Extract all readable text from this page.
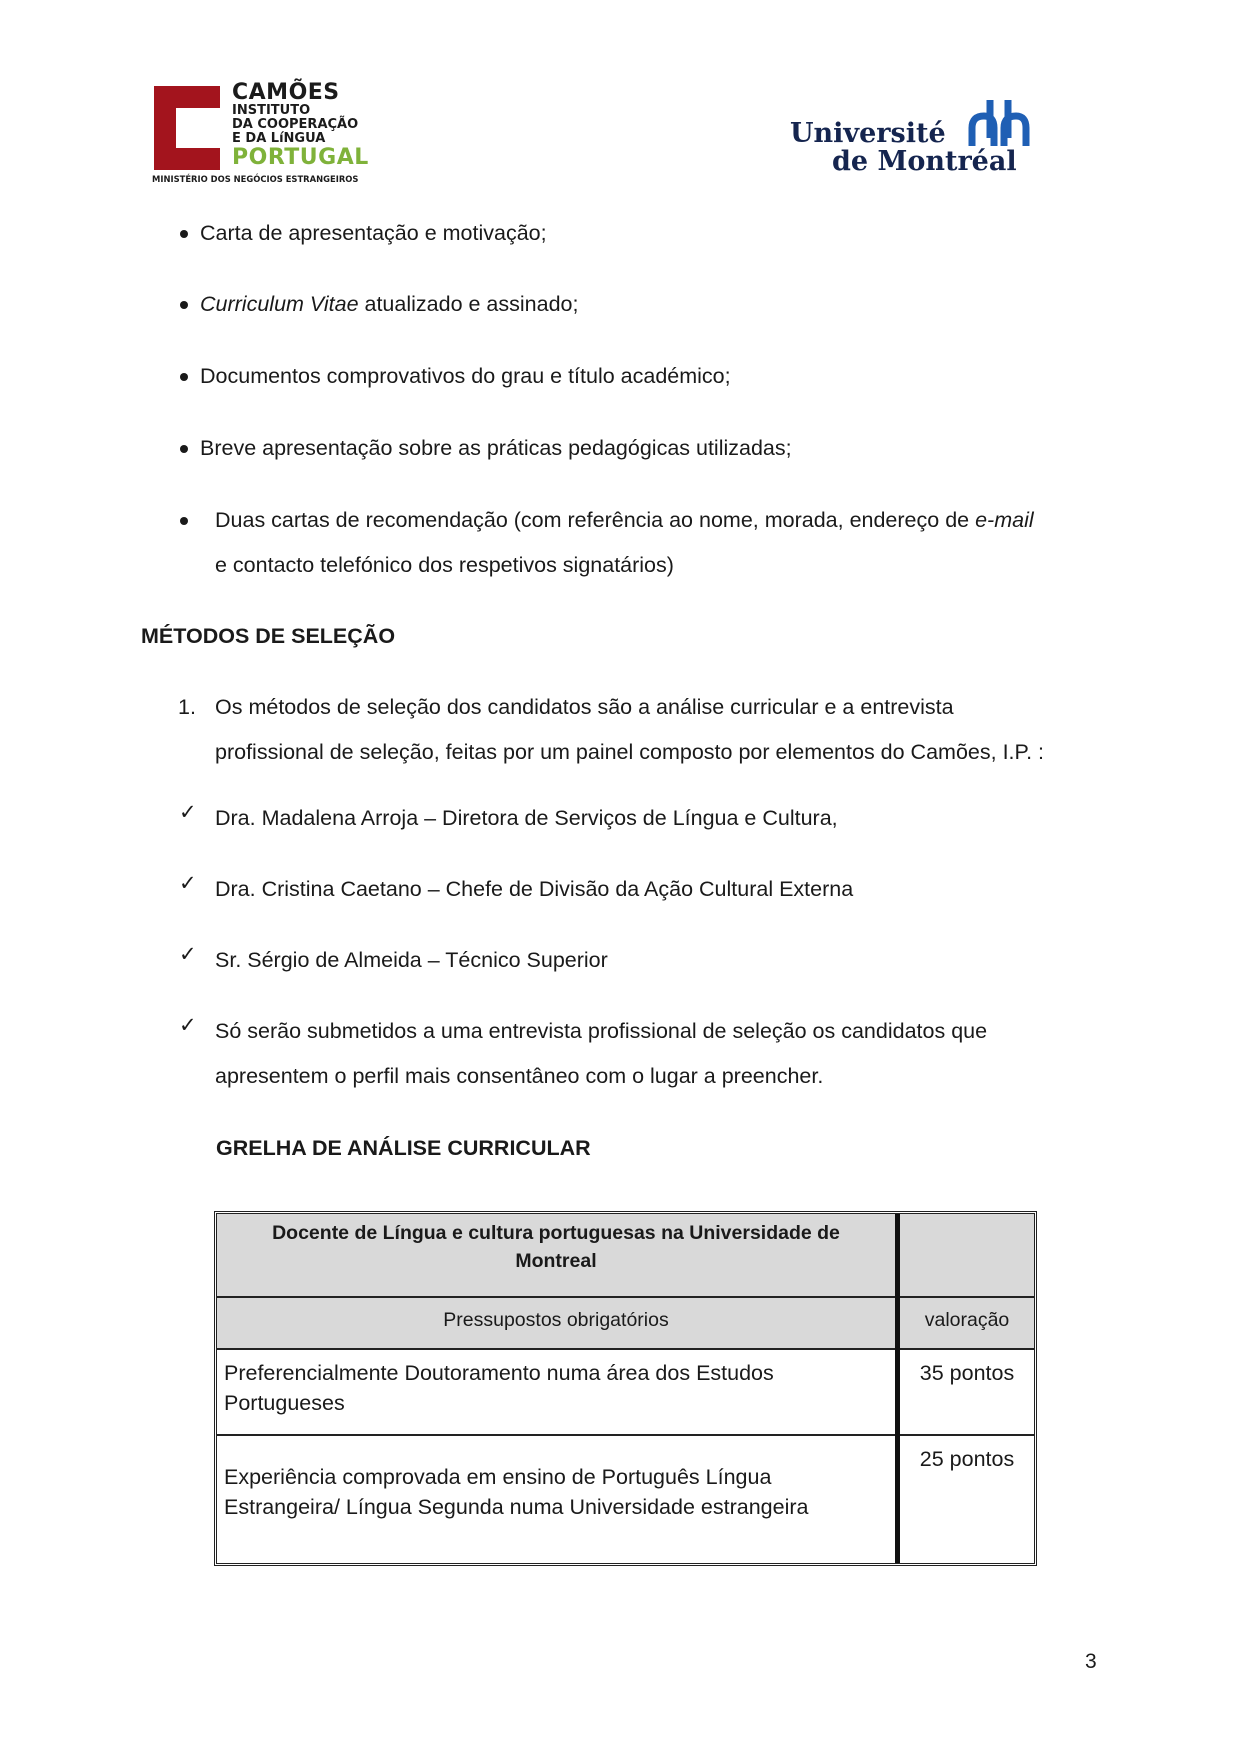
CAMÕES
INSTITUTO
DA COOPERAÇÃO
E DA LíNGUA
PORTUGAL
MINISTÉRIO DOS NEGÓCIOS ESTRANGEIROS
Université
de Montréal
Carta de apresentação e motivação;
Curriculum Vitae atualizado e assinado;
Documentos comprovativos do grau e título académico;
Breve apresentação sobre as práticas pedagógicas utilizadas;
Duas cartas de recomendação (com referência ao nome, morada, endereço de e-mail
e contacto telefónico dos respetivos signatários)
MÉTODOS DE SELEÇÃO
1. Os métodos de seleção dos candidatos são a análise curricular e a entrevista
profissional de seleção, feitas por um painel composto por elementos do Camões, I.P. :
✓ Dra. Madalena Arroja – Diretora de Serviços de Língua e Cultura,
✓ Dra. Cristina Caetano – Chefe de Divisão da Ação Cultural Externa
✓ Sr. Sérgio de Almeida – Técnico Superior
✓ Só serão submetidos a uma entrevista profissional de seleção os candidatos que
apresentem o perfil mais consentâneo com o lugar a preencher.
GRELHA DE ANÁLISE CURRICULAR
Docente de Língua e cultura portuguesas na Universidade de
Montreal
Pressupostos obrigatórios	valoração
Preferencialmente Doutoramento numa área dos Estudos
Portugueses
35 pontos
Experiência comprovada em ensino de Português Língua
Estrangeira/ Língua Segunda numa Universidade estrangeira
25 pontos
3
